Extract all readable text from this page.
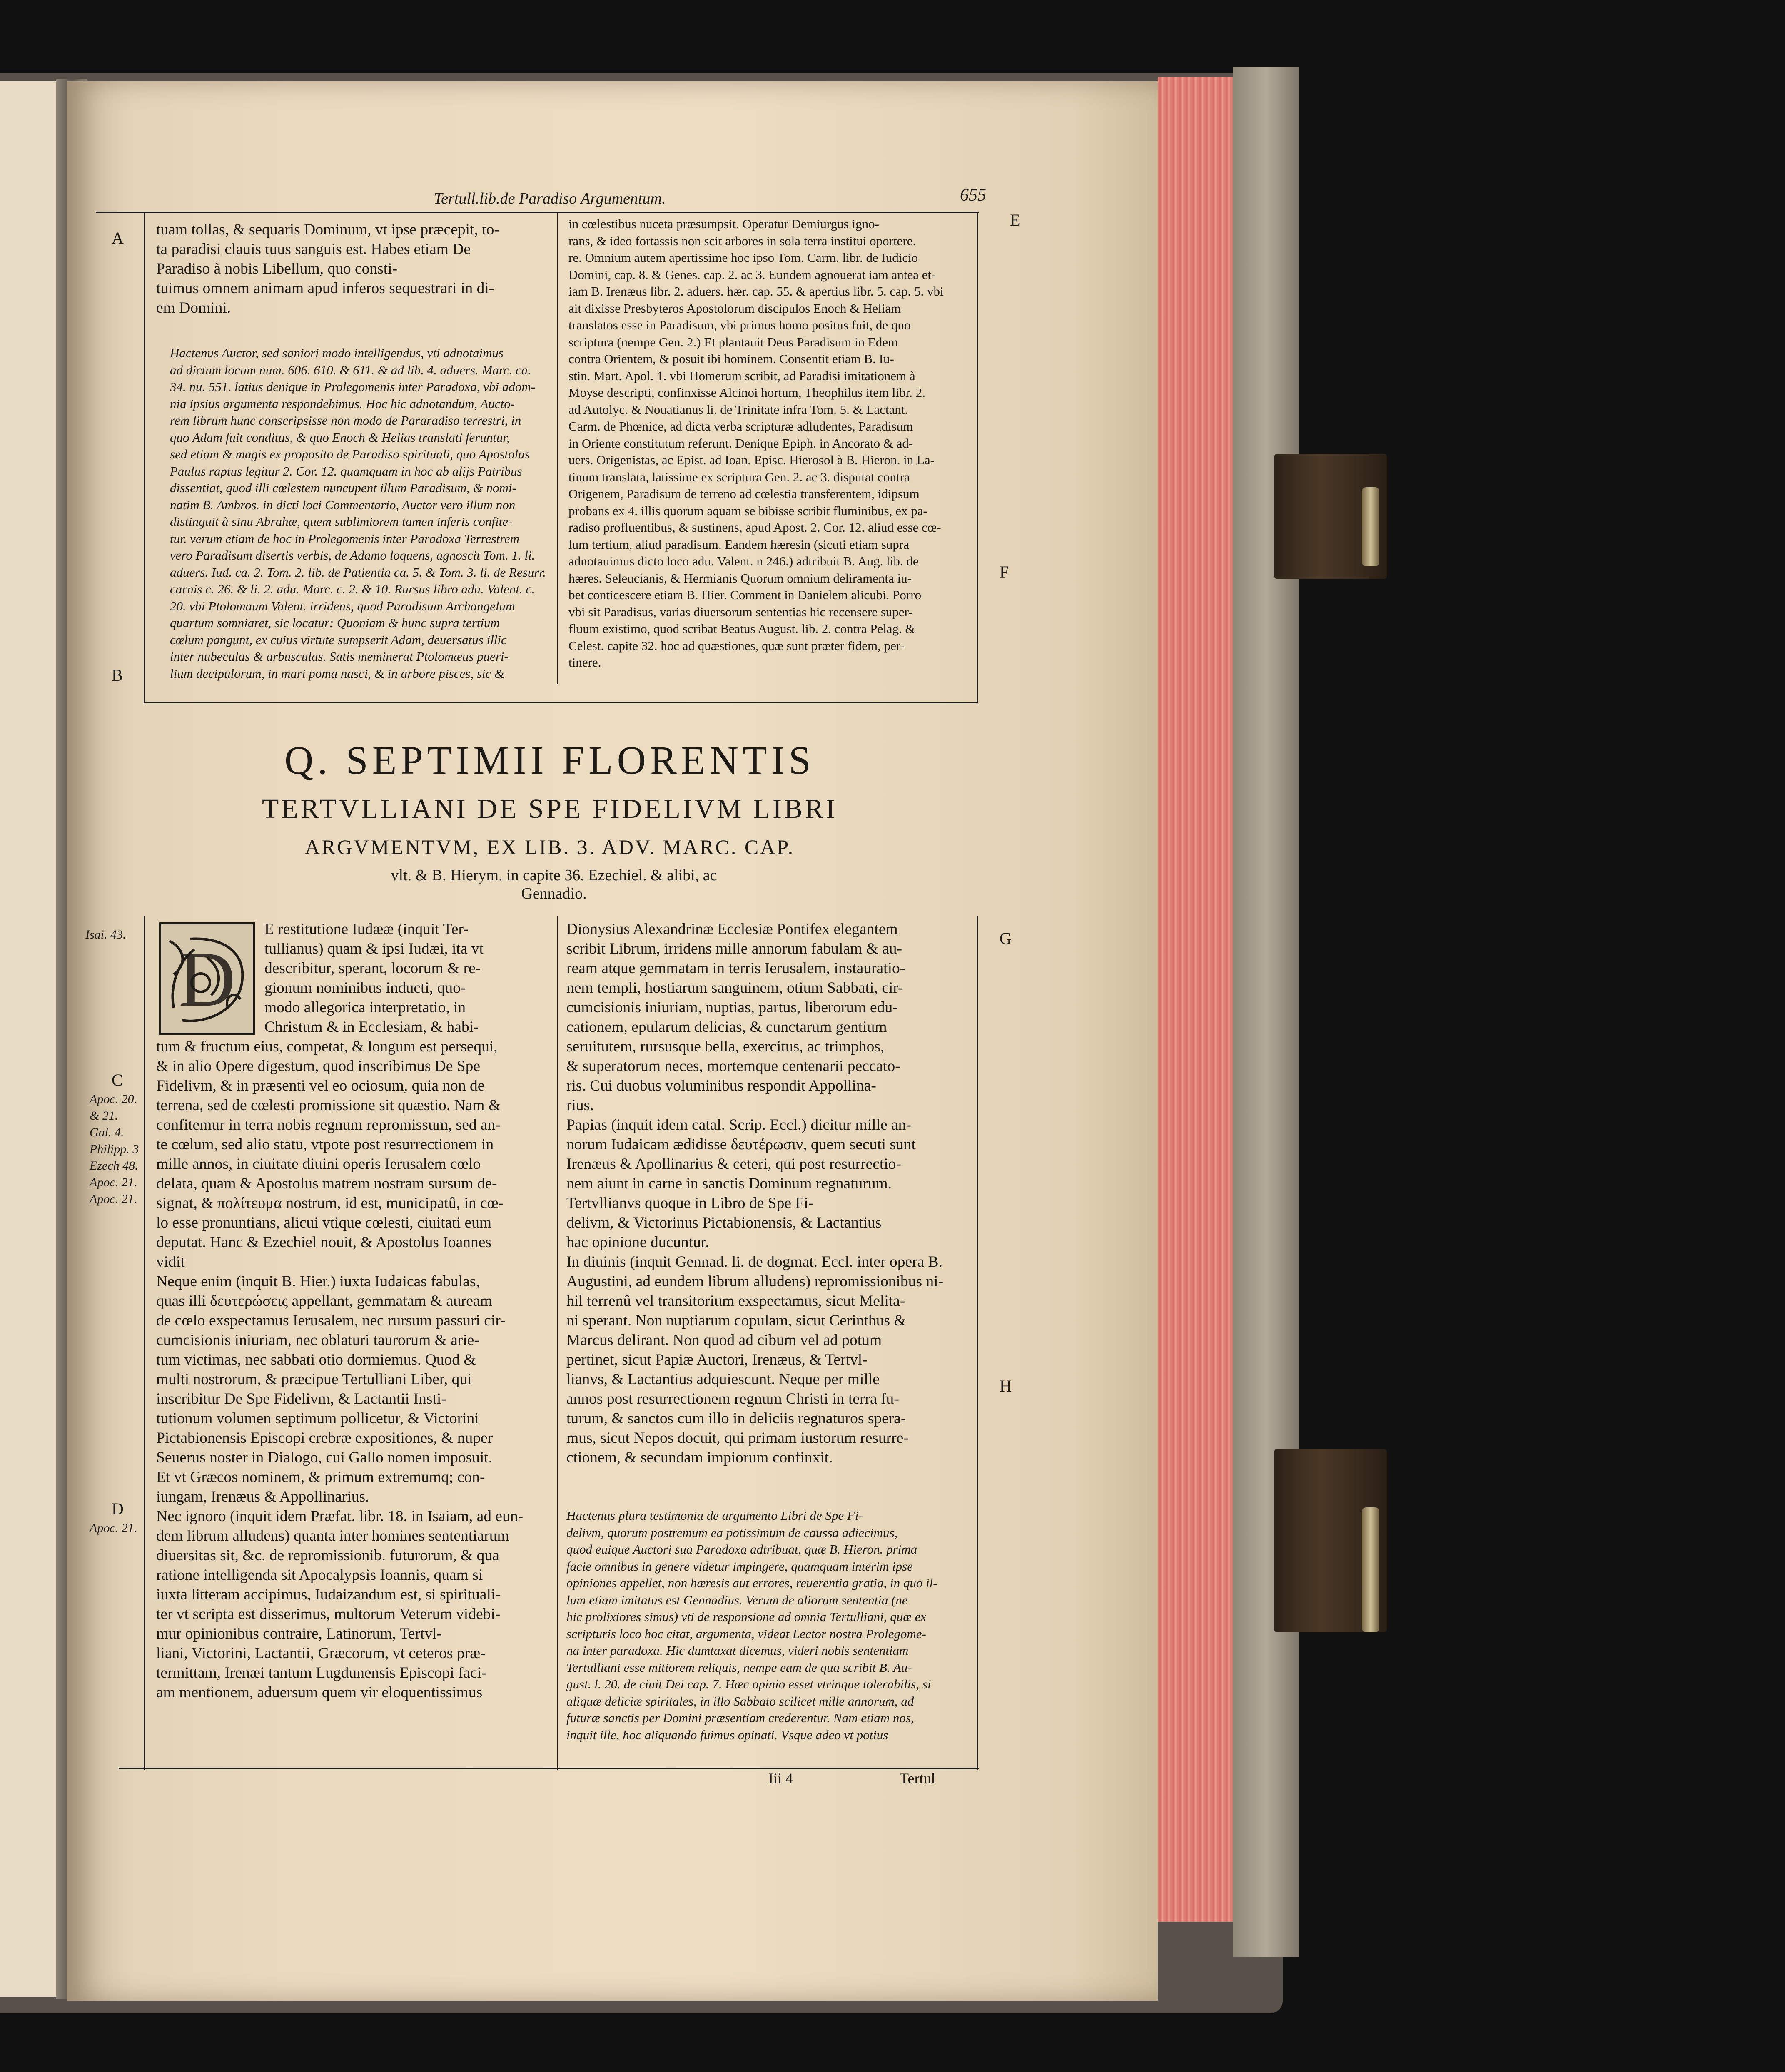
Tertull.lib.de Paradiso Argumentum.	655
A
B
C
D
E
F
G
H
Isai. 43.
Apoc. 20.
& 21.
Gal. 4.
Philipp. 3
Ezech 48.
Apoc. 21.
Apoc. 21.
Apoc. 21.
tuam tollas, & sequaris Dominum, vt ipse præcepit, to-
ta paradisi clauis tuus sanguis est. Habes etiam De
Paradiso à nobis Libellum, quo consti-
tuimus omnem animam apud inferos sequestrari in di-
em Domini.
Hactenus Auctor, sed saniori modo intelligendus, vti adnotaimus
ad dictum locum num. 606. 610. & 611. & ad lib. 4. aduers. Marc. ca.
34. nu. 551. latius denique in Prolegomenis inter Paradoxa, vbi adom-
nia ipsius argumenta respondebimus. Hoc hic adnotandum, Aucto-
rem librum hunc conscripsisse non modo de Pararadiso terrestri, in
quo Adam fuit conditus, & quo Enoch & Helias translati feruntur,
sed etiam & magis ex proposito de Paradiso spirituali, quo Apostolus
Paulus raptus legitur 2. Cor. 12. quamquam in hoc ab alijs Patribus
dissentiat, quod illi cœlestem nuncupent illum Paradisum, & nomi-
natim B. Ambros. in dicti loci Commentario, Auctor vero illum non
distinguit à sinu Abrahæ, quem sublimiorem tamen inferis confite-
tur. verum etiam de hoc in Prolegomenis inter Paradoxa Terrestrem
vero Paradisum disertis verbis, de Adamo loquens, agnoscit Tom. 1. li.
aduers. Iud. ca. 2. Tom. 2. lib. de Patientia ca. 5. & Tom. 3. li. de Resurr.
carnis c. 26. & li. 2. adu. Marc. c. 2. & 10. Rursus libro adu. Valent. c.
20. vbi Ptolomaum Valent. irridens, quod Paradisum Archangelum
quartum somniaret, sic locatur: Quoniam & hunc supra tertium
cœlum pangunt, ex cuius virtute sumpserit Adam, deuersatus illic
inter nubeculas & arbusculas. Satis meminerat Ptolomæus pueri-
lium decipulorum, in mari poma nasci, & in arbore pisces, sic &
in cœlestibus nuceta præsumpsit. Operatur Demiurgus igno-
rans, & ideo fortassis non scit arbores in sola terra institui oportere.
re. Omnium autem apertissime hoc ipso Tom. Carm. libr. de Iudicio
Domini, cap. 8. & Genes. cap. 2. ac 3. Eundem agnouerat iam antea et-
iam B. Irenæus libr. 2. aduers. hær. cap. 55. & apertius libr. 5. cap. 5. vbi
ait dixisse Presbyteros Apostolorum discipulos Enoch & Heliam
translatos esse in Paradisum, vbi primus homo positus fuit, de quo
scriptura (nempe Gen. 2.) Et plantauit Deus Paradisum in Edem
contra Orientem, & posuit ibi hominem. Consentit etiam B. Iu-
stin. Mart. Apol. 1. vbi Homerum scribit, ad Paradisi imitationem à
Moyse descripti, confinxisse Alcinoi hortum, Theophilus item libr. 2.
ad Autolyc. & Nouatianus li. de Trinitate infra Tom. 5. & Lactant.
Carm. de Phœnice, ad dicta verba scripturæ adludentes, Paradisum
in Oriente constitutum referunt. Denique Epiph. in Ancorato & ad-
uers. Origenistas, ac Epist. ad Ioan. Episc. Hierosol à B. Hieron. in La-
tinum translata, latissime ex scriptura Gen. 2. ac 3. disputat contra
Origenem, Paradisum de terreno ad cœlestia transferentem, idipsum
probans ex 4. illis quorum aquam se bibisse scribit fluminibus, ex pa-
radiso profluentibus, & sustinens, apud Apost. 2. Cor. 12. aliud esse cœ-
lum tertium, aliud paradisum. Eandem hæresin (sicuti etiam supra
adnotauimus dicto loco adu. Valent. n 246.) adtribuit B. Aug. lib. de
hæres. Seleucianis, & Hermianis Quorum omnium deliramenta iu-
bet conticescere etiam B. Hier. Comment in Danielem alicubi. Porro
vbi sit Paradisus, varias diuersorum sententias hic recensere super-
fluum existimo, quod scribat Beatus August. lib. 2. contra Pelag. &
Celest. capite 32. hoc ad quæstiones, quæ sunt præter fidem, per-
tinere.
Q. SEPTIMII FLORENTIS
TERTVLLIANI DE SPE FIDELIVM LIBRI
ARGVMENTVM, EX LIB. 3. ADV. MARC. CAP.
vlt. & B. Hierym. in capite 36. Ezechiel. & alibi, ac
Gennadio.
D
E restitutione Iudææ (inquit Ter-
tullianus) quam & ipsi Iudæi, ita vt
describitur, sperant, locorum & re-
gionum nominibus inducti, quo-
modo allegorica interpretatio, in
Christum & in Ecclesiam, & habi-
tum & fructum eius, competat, & longum est persequi,
& in alio Opere digestum, quod inscribimus De Spe
Fidelivm, & in præsenti vel eo ociosum, quia non de
terrena, sed de cœlesti promissione sit quæstio. Nam &
confitemur in terra nobis regnum repromissum, sed an-
te cœlum, sed alio statu, vtpote post resurrectionem in
mille annos, in ciuitate diuini operis Ierusalem cœlo
delata, quam & Apostolus matrem nostram sursum de-
signat, & πολίτευμα nostrum, id est, municipatû, in cœ-
lo esse pronuntians, alicui vtique cœlesti, ciuitati eum
deputat. Hanc & Ezechiel nouit, & Apostolus Ioannes
vidit
Neque enim (inquit B. Hier.) iuxta Iudaicas fabulas,
quas illi δευτερώσεις appellant, gemmatam & auream
de cœlo exspectamus Ierusalem, nec rursum passuri cir-
cumcisionis iniuriam, nec oblaturi taurorum & arie-
tum victimas, nec sabbati otio dormiemus. Quod &
multi nostrorum, & præcipue Tertulliani Liber, qui
inscribitur De Spe Fidelivm, & Lactantii Insti-
tutionum volumen septimum pollicetur, & Victorini
Pictabionensis Episcopi crebræ expositiones, & nuper
Seuerus noster in Dialogo, cui Gallo nomen imposuit.
Et vt Græcos nominem, & primum extremumq; con-
iungam, Irenæus & Appollinarius.
Nec ignoro (inquit idem Præfat. libr. 18. in Isaiam, ad eun-
dem librum alludens) quanta inter homines sententiarum
diuersitas sit, &c. de repromissionib. futurorum, & qua
ratione intelligenda sit Apocalypsis Ioannis, quam si
iuxta litteram accipimus, Iudaizandum est, si spirituali-
ter vt scripta est disserimus, multorum Veterum videbi-
mur opinionibus contraire, Latinorum, Tertvl-
liani, Victorini, Lactantii, Græcorum, vt ceteros præ-
termittam, Irenæi tantum Lugdunensis Episcopi faci-
am mentionem, aduersum quem vir eloquentissimus
Dionysius Alexandrinæ Ecclesiæ Pontifex elegantem
scribit Librum, irridens mille annorum fabulam & au-
ream atque gemmatam in terris Ierusalem, instauratio-
nem templi, hostiarum sanguinem, otium Sabbati, cir-
cumcisionis iniuriam, nuptias, partus, liberorum edu-
cationem, epularum delicias, & cunctarum gentium
seruitutem, rursusque bella, exercitus, ac trimphos,
& superatorum neces, mortemque centenarii peccato-
ris. Cui duobus voluminibus respondit Appollina-
rius.
Papias (inquit idem catal. Scrip. Eccl.) dicitur mille an-
norum Iudaicam ædidisse δευτέρωσιν, quem secuti sunt
Irenæus & Apollinarius & ceteri, qui post resurrectio-
nem aiunt in carne in sanctis Dominum regnaturum.
Tertvllianvs quoque in Libro de Spe Fi-
delivm, & Victorinus Pictabionensis, & Lactantius
hac opinione ducuntur.
In diuinis (inquit Gennad. li. de dogmat. Eccl. inter opera B.
Augustini, ad eundem librum alludens) repromissionibus ni-
hil terrenû vel transitorium exspectamus, sicut Melita-
ni sperant. Non nuptiarum copulam, sicut Cerinthus &
Marcus delirant. Non quod ad cibum vel ad potum
pertinet, sicut Papiæ Auctori, Irenæus, & Tertvl-
lianvs, & Lactantius adquiescunt. Neque per mille
annos post resurrectionem regnum Christi in terra fu-
turum, & sanctos cum illo in deliciis regnaturos spera-
mus, sicut Nepos docuit, qui primam iustorum resurre-
ctionem, & secundam impiorum confinxit.
Hactenus plura testimonia de argumento Libri de Spe Fi-
delivm, quorum postremum ea potissimum de caussa adiecimus,
quod euique Auctori sua Paradoxa adtribuat, quæ B. Hieron. prima
facie omnibus in genere videtur impingere, quamquam interim ipse
opiniones appellet, non hæresis aut errores, reuerentia gratia, in quo il-
lum etiam imitatus est Gennadius. Verum de aliorum sententia (ne
hic prolixiores simus) vti de responsione ad omnia Tertulliani, quæ ex
scripturis loco hoc citat, argumenta, videat Lector nostra Prolegome-
na inter paradoxa. Hic dumtaxat dicemus, videri nobis sententiam
Tertulliani esse mitiorem reliquis, nempe eam de qua scribit B. Au-
gust. l. 20. de ciuit Dei cap. 7. Hæc opinio esset vtrinque tolerabilis, si
aliquæ deliciæ spiritales, in illo Sabbato scilicet mille annorum, ad
futuræ sanctis per Domini præsentiam crederentur. Nam etiam nos,
inquit ille, hoc aliquando fuimus opinati. Vsque adeo vt potius
Iii 4	Tertul
